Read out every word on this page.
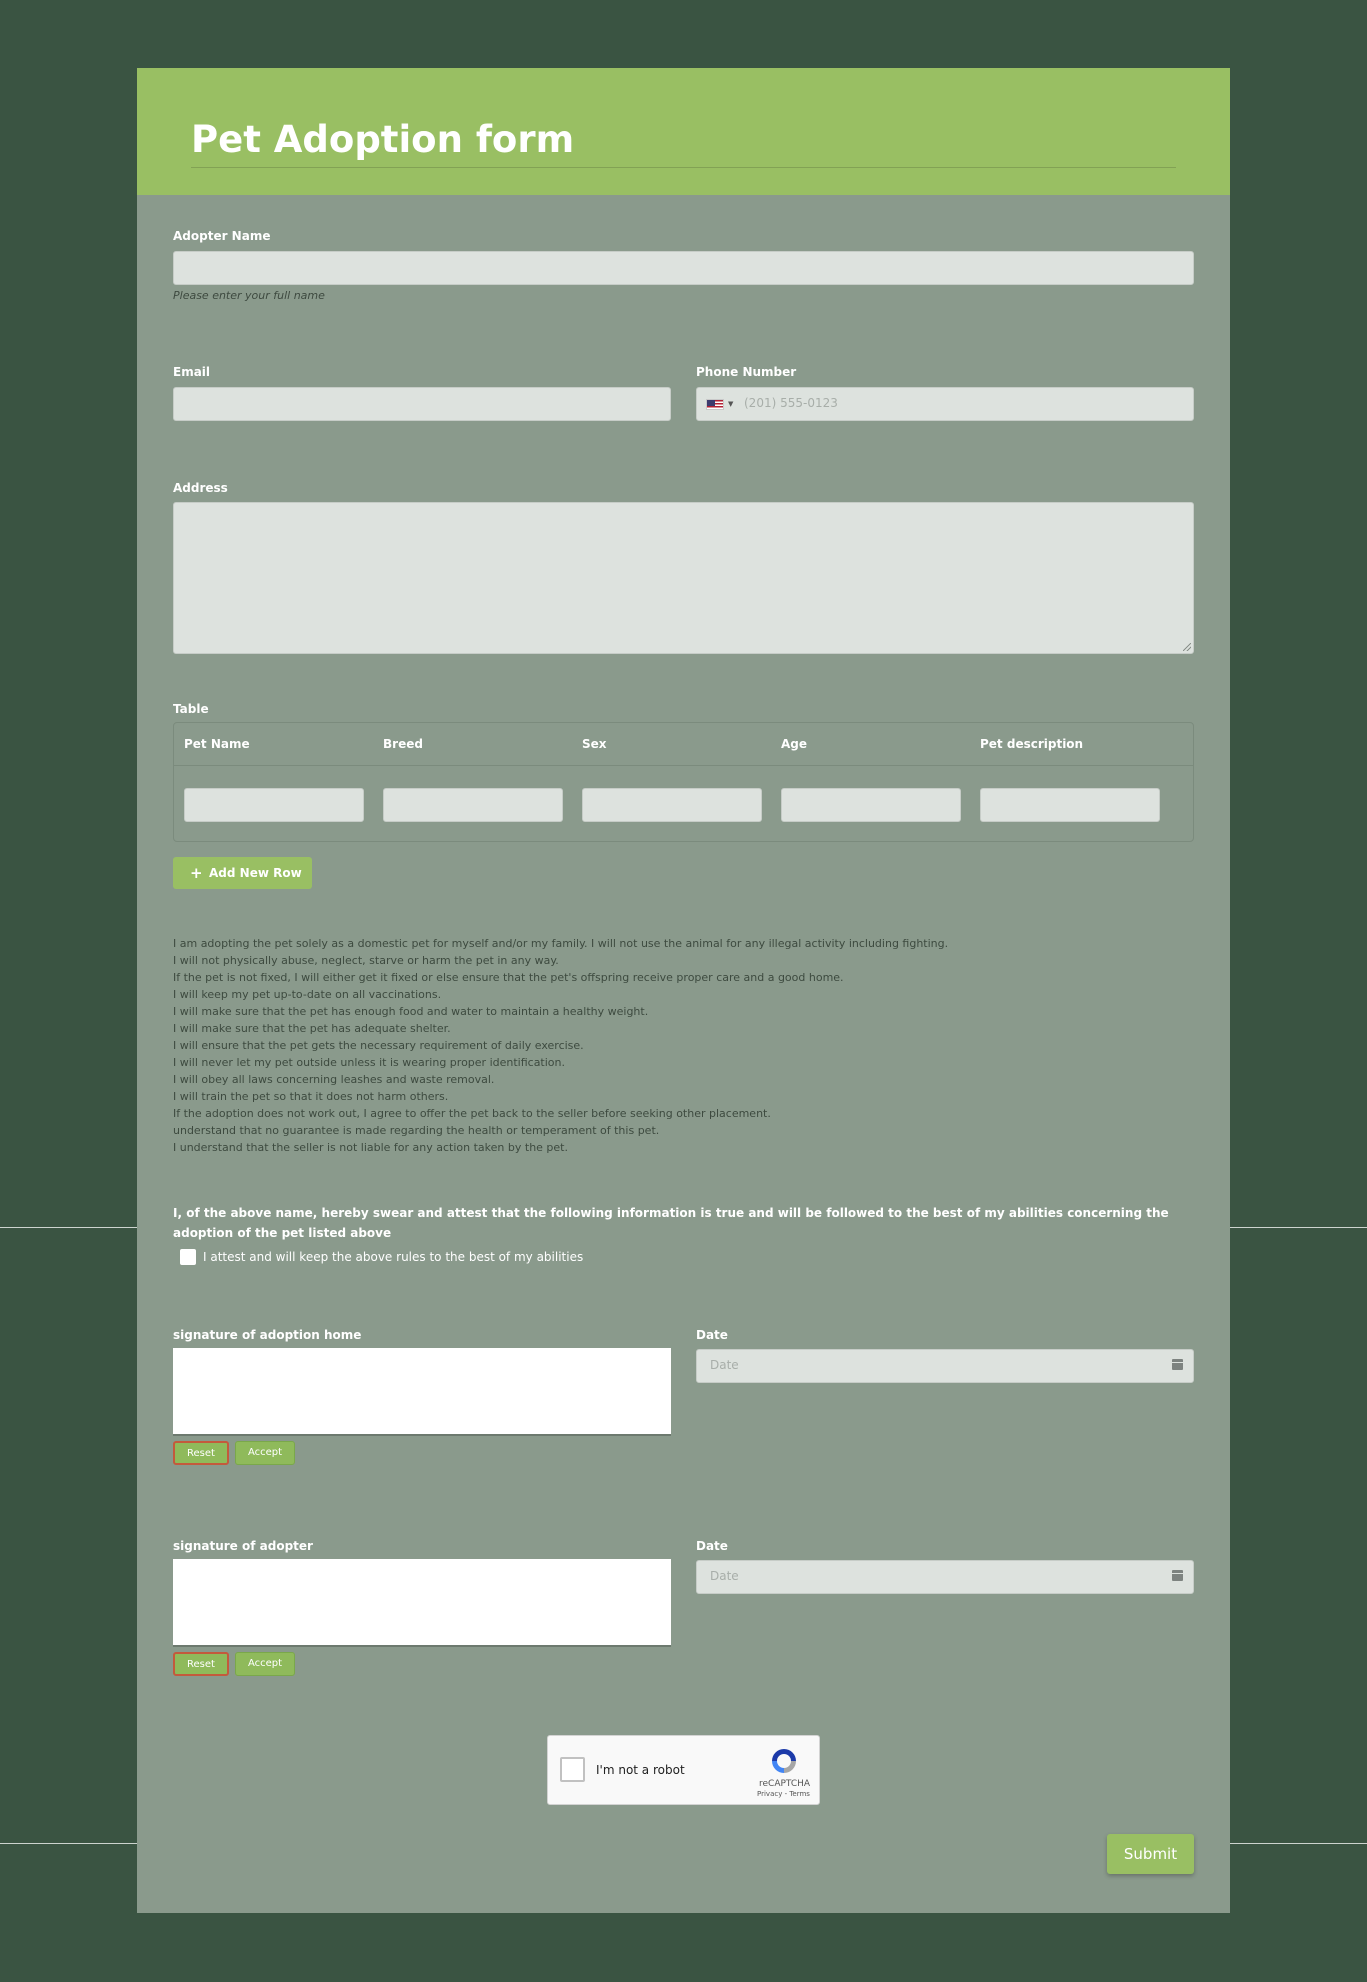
Pet Adoption form
Adopter Name
Please enter your full name
Email	Phone Number
▼ (201) 555-0123
Address
Table
Pet Name	Breed	Sex	Age	Pet description
+ Add New Row
I am adopting the pet solely as a domestic pet for myself and/or my family. I will not use the animal for any illegal activity including fighting.
I will not physically abuse, neglect, starve or harm the pet in any way.
If the pet is not fixed, I will either get it fixed or else ensure that the pet's offspring receive proper care and a good home.
I will keep my pet up-to-date on all vaccinations.
I will make sure that the pet has enough food and water to maintain a healthy weight.
I will make sure that the pet has adequate shelter.
I will ensure that the pet gets the necessary requirement of daily exercise.
I will never let my pet outside unless it is wearing proper identification.
I will obey all laws concerning leashes and waste removal.
I will train the pet so that it does not harm others.
If the adoption does not work out, I agree to offer the pet back to the seller before seeking other placement.
understand that no guarantee is made regarding the health or temperament of this pet.
I understand that the seller is not liable for any action taken by the pet.
I, of the above name, hereby swear and attest that the following information is true and will be followed to the best of my abilities concerning the adoption of the pet listed above
I attest and will keep the above rules to the best of my abilities
signature of adoption home
Reset	Accept
Date
Date
signature of adopter
Reset	Accept
Date
Date
I'm not a robot
reCAPTCHA
Privacy - Terms
Submit
